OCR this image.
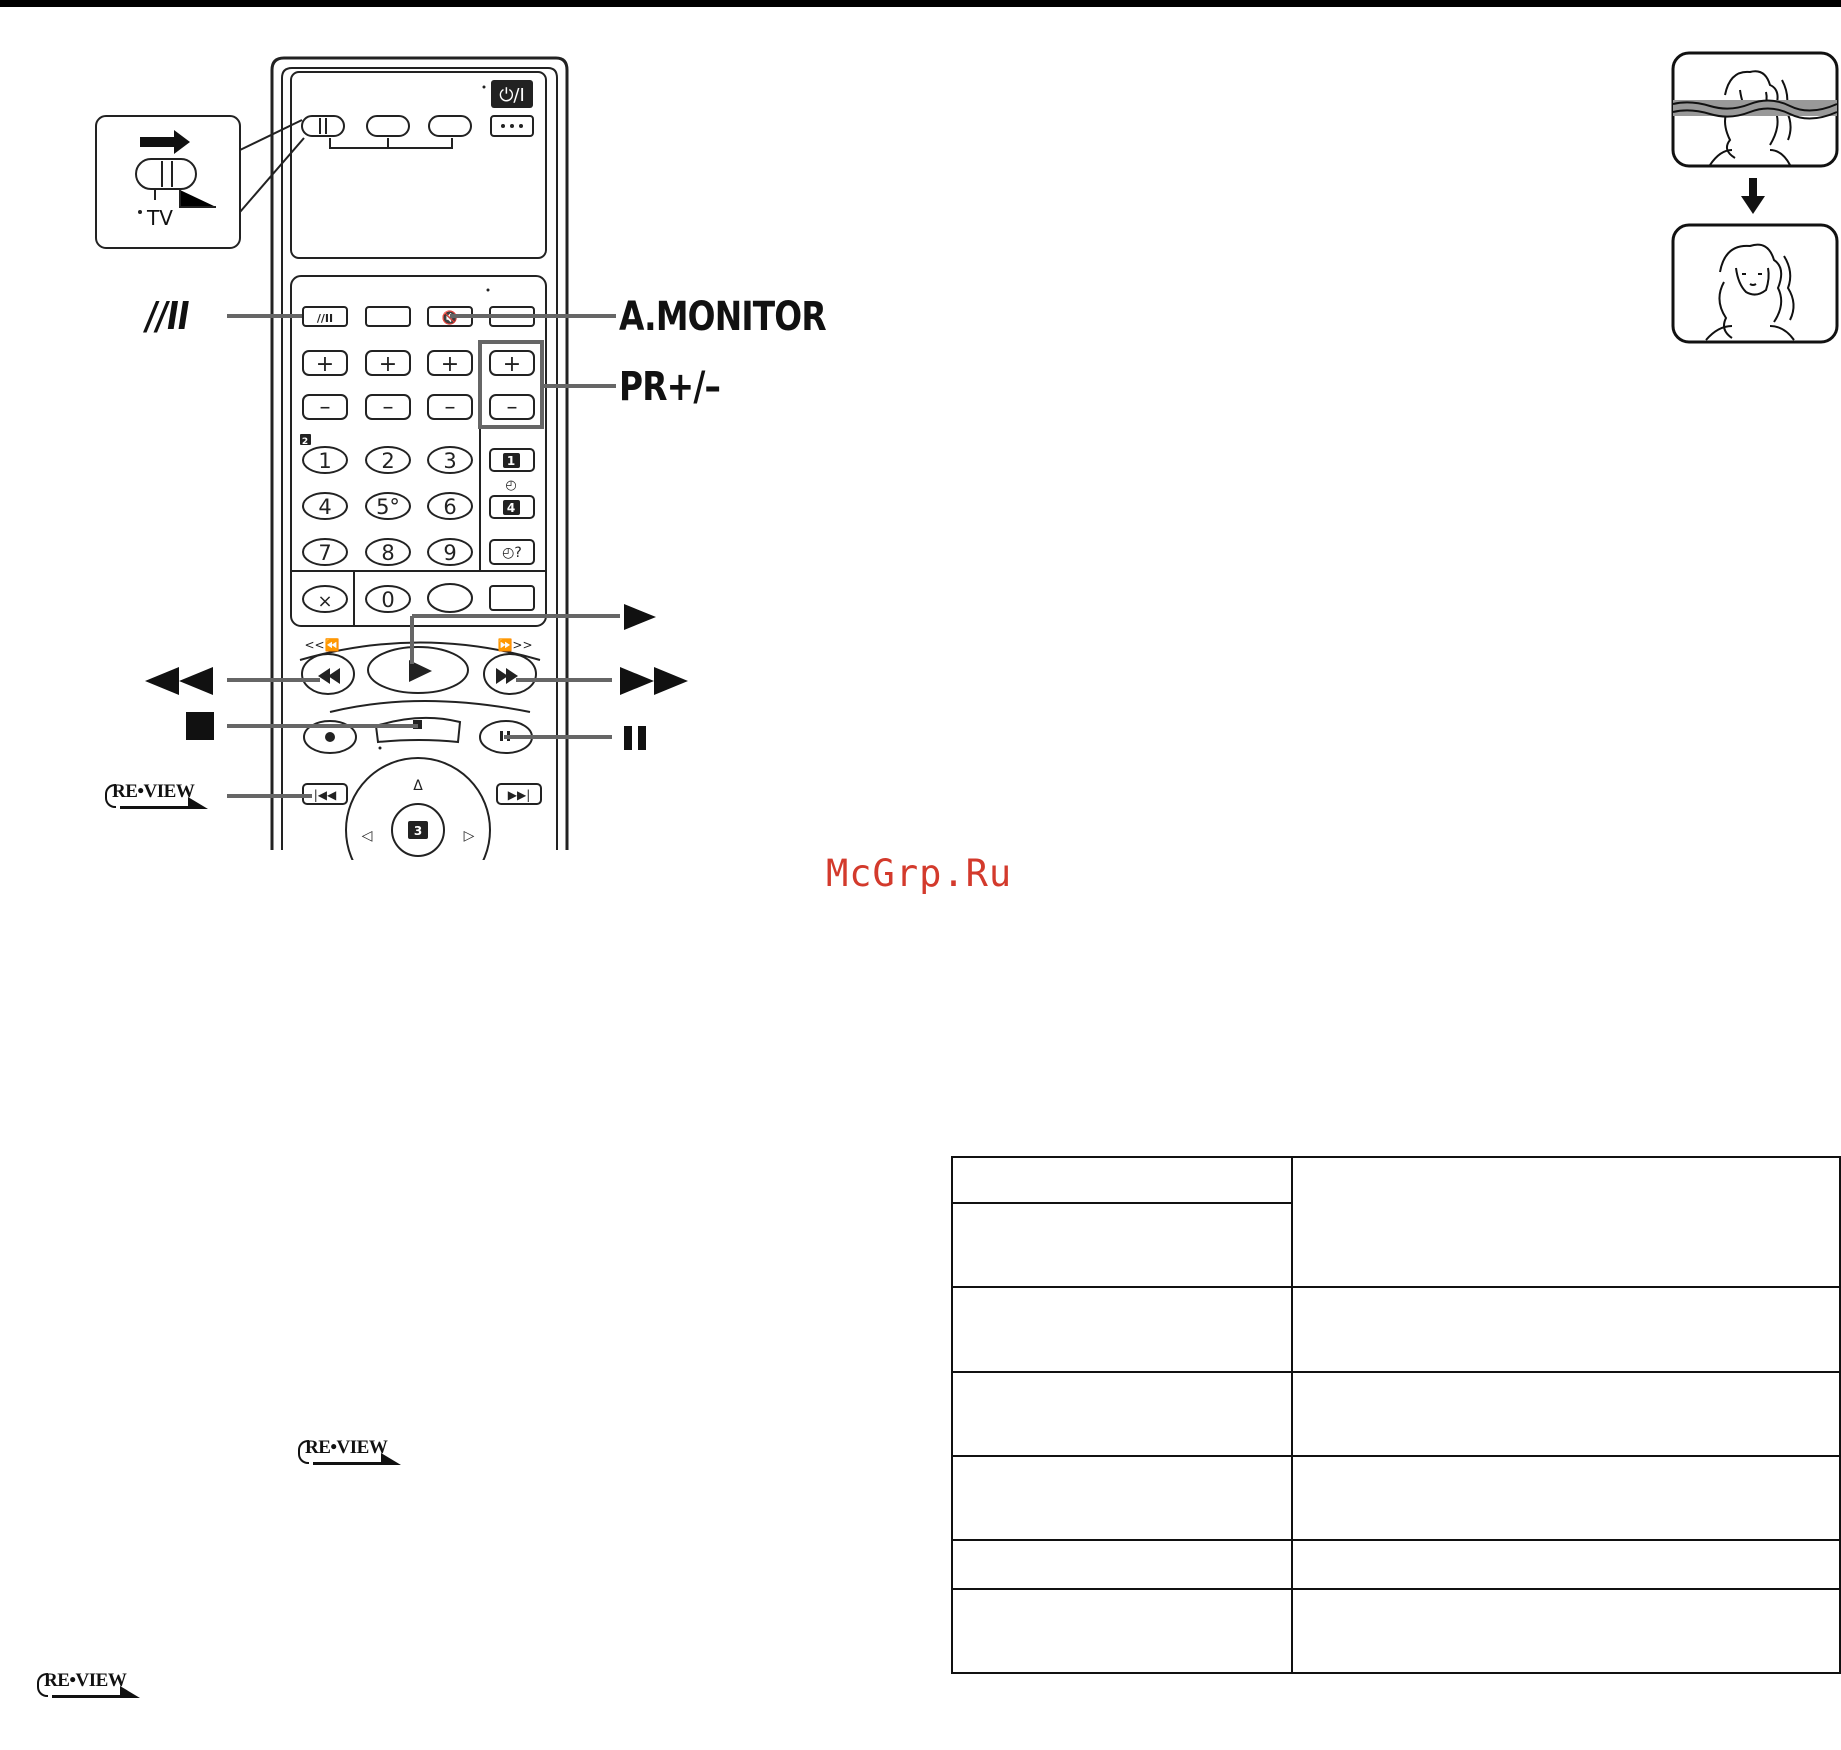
⏻/I
//II	🔇
+ + + +
– – – –
1 2 3
4 5° 6
7 8 9
× 0
◴?
1
4
2
◴
3
Δ
◁	▷
|◀◀	▶▶|
<<⏪	⏩>>
TV
//II
RE•VIEW
A.MONITOR
PR+/–
McGrp.Ru
RE•VIEW
RE•VIEW
